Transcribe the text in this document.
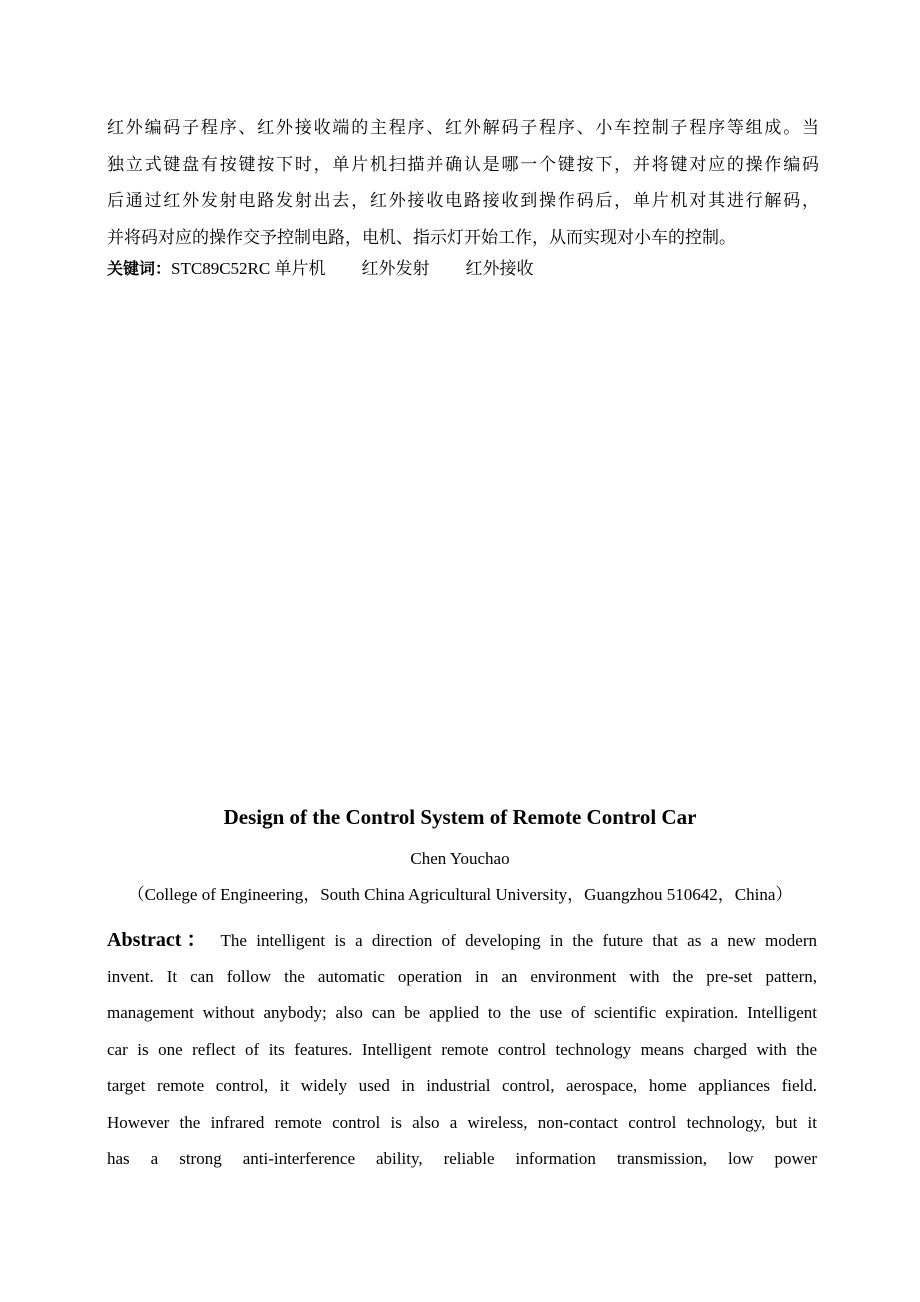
红外编码子程序、红外接收端的主程序、红外解码子程序、小车控制子程序等组成。当
独立式键盘有按键按下时，单片机扫描并确认是哪一个键按下，并将键对应的操作编码
后通过红外发射电路发射出去，红外接收电路接收到操作码后，单片机对其进行解码，
并将码对应的操作交予控制电路，电机、指示灯开始工作，从而实现对小车的控制。
关键词：STC89C52RC 单片机 红外发射 红外接收
Design of the Control System of Remote Control Car
Chen Youchao
（College of Engineering，South China Agricultural University，Guangzhou 510642，China）
Abstract： The intelligent is a direction of developing in the future that as a new modern
invent. It can follow the automatic operation in an environment with the pre-set pattern,
management without anybody; also can be applied to the use of scientific expiration. Intelligent
car is one reflect of its features. Intelligent remote control technology means charged with the
target remote control, it widely used in industrial control, aerospace, home appliances field.
However the infrared remote control is also a wireless, non-contact control technology, but it
has a strong anti-interference ability, reliable information transmission, low power
